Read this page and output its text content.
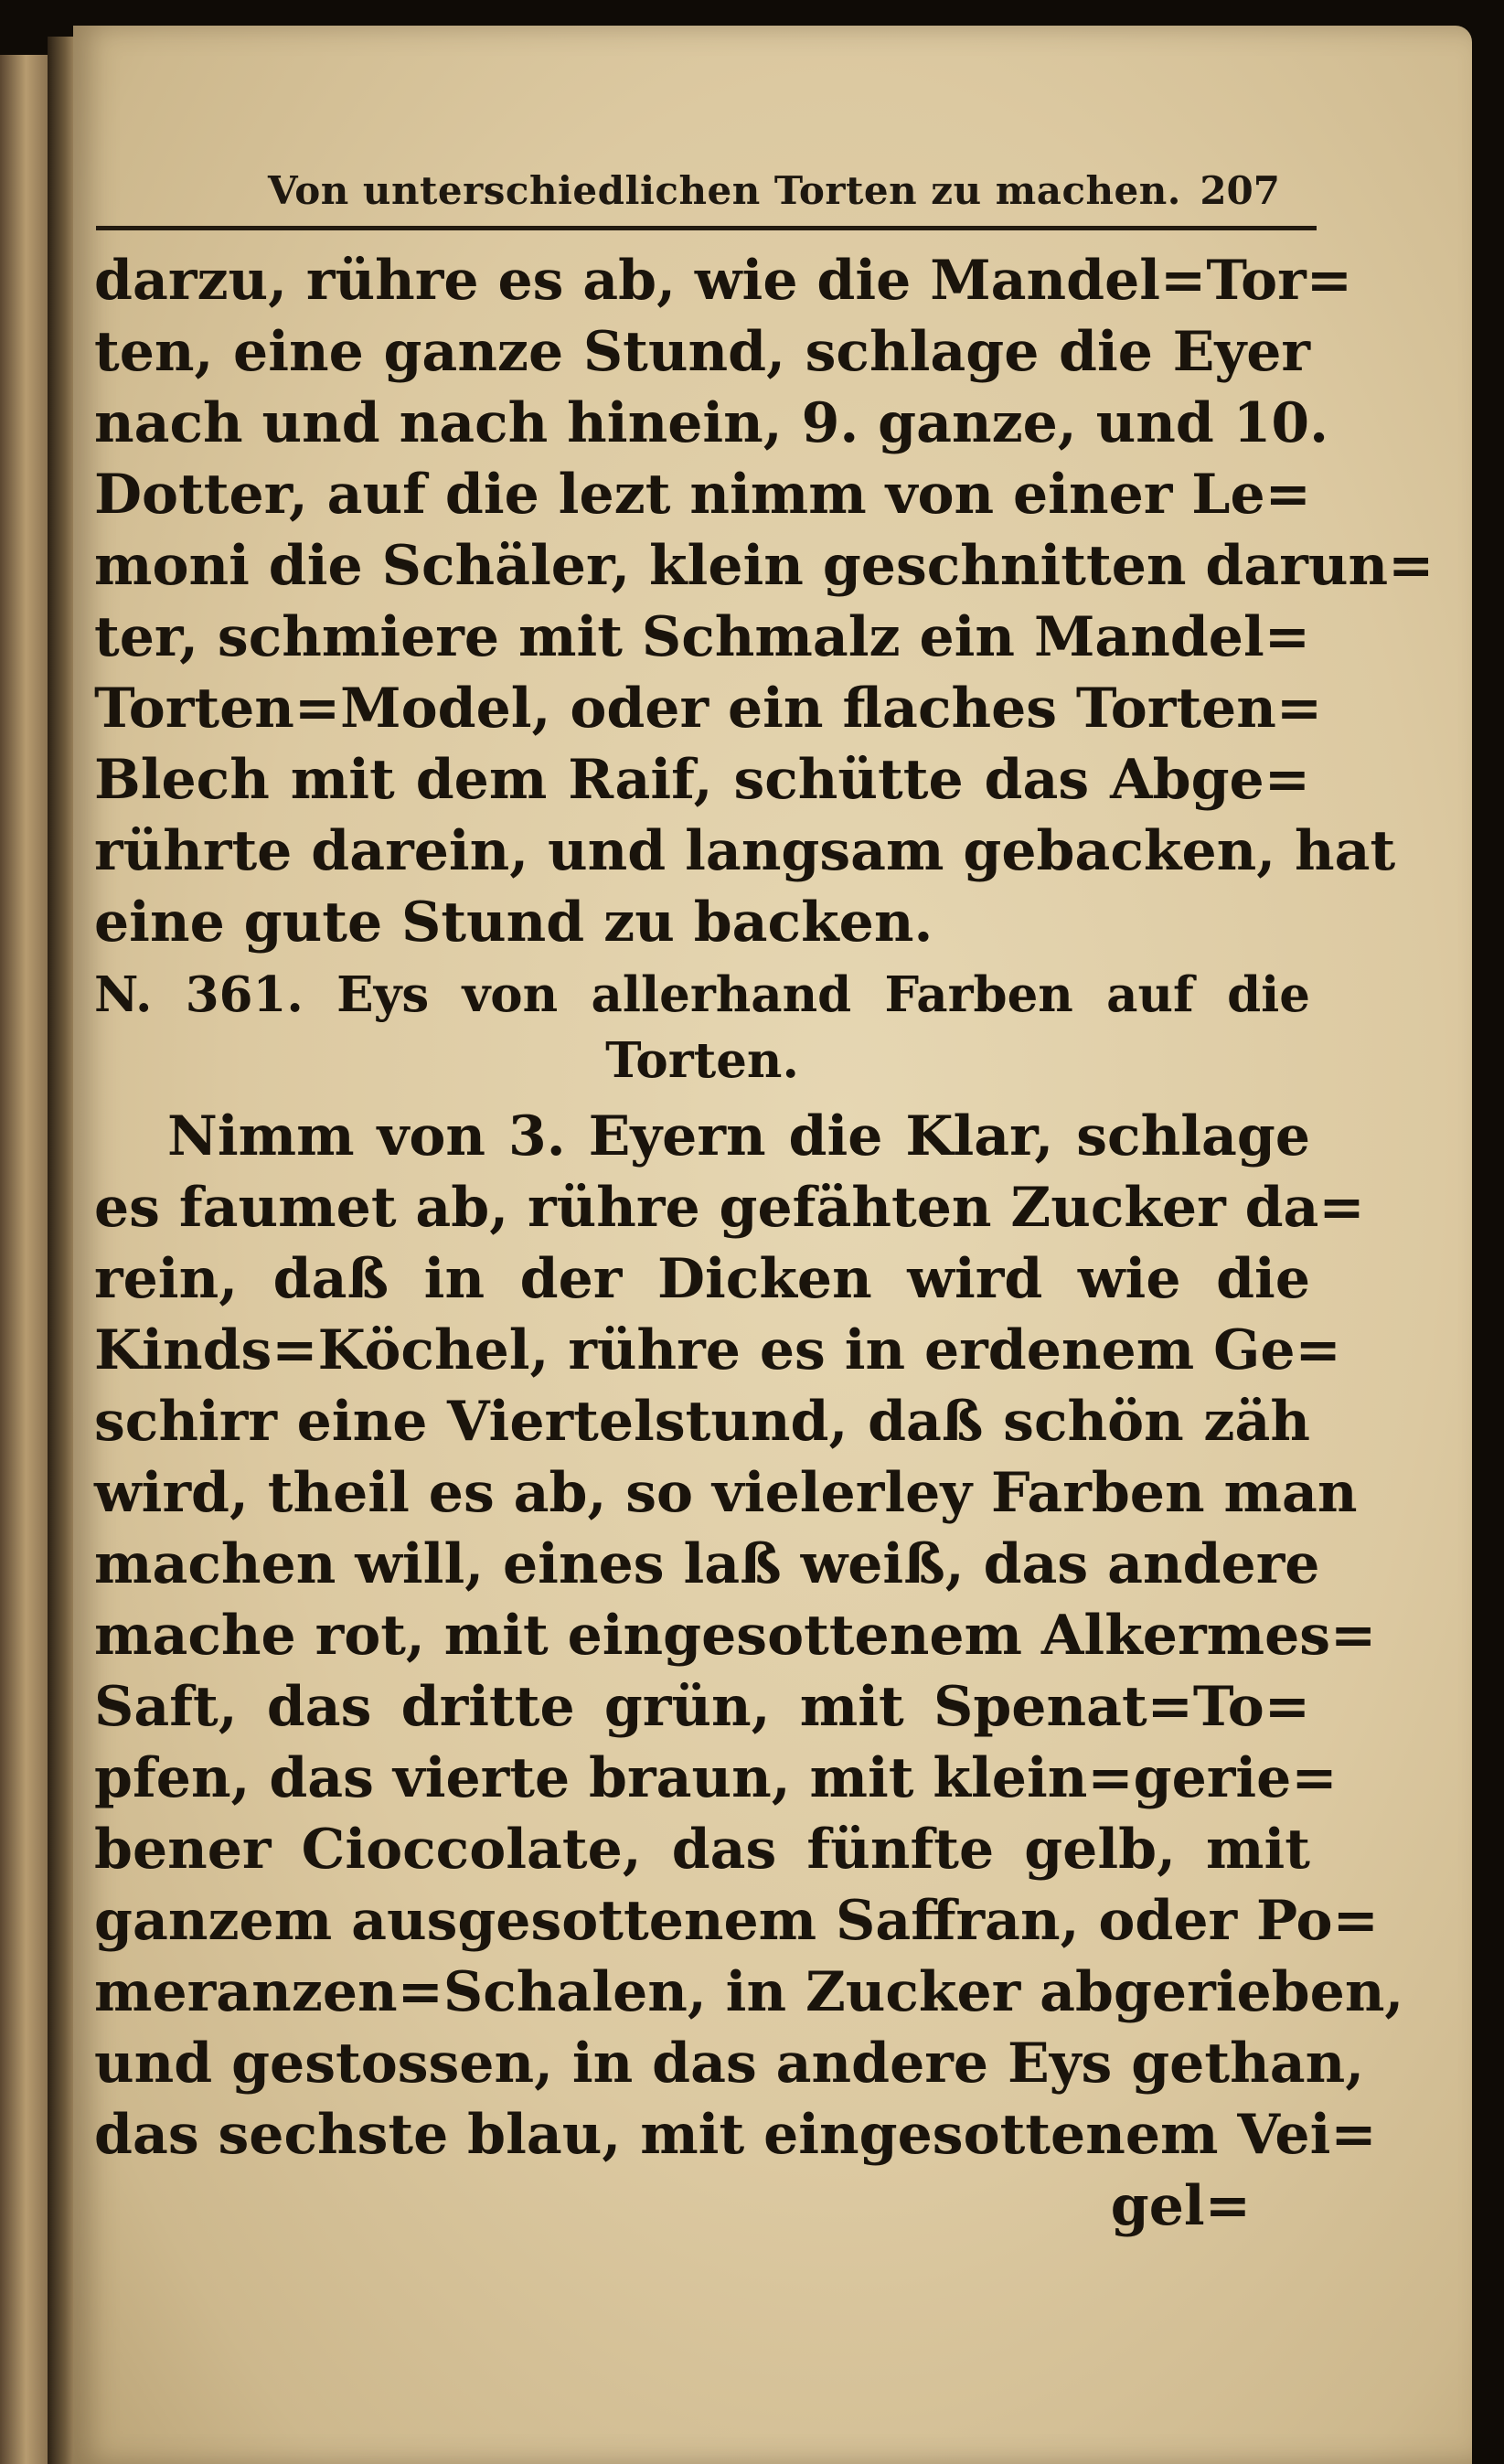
Von unterschiedlichen Torten zu machen. 207
darzu, rühre es ab, wie die Mandel=Tor=
ten, eine ganze Stund, schlage die Eyer
nach und nach hinein, 9. ganze, und 10.
Dotter, auf die lezt nimm von einer Le=
moni die Schäler, klein geschnitten darun=
ter, schmiere mit Schmalz ein Mandel=
Torten=Model, oder ein flaches Torten=
Blech mit dem Raif, schütte das Abge=
rührte darein, und langsam gebacken, hat
eine gute Stund zu backen.
N. 361. Eys von allerhand Farben auf die
Torten.
Nimm von 3. Eyern die Klar, schlage
es faumet ab, rühre gefähten Zucker da=
rein, daß in der Dicken wird wie die
Kinds=Köchel, rühre es in erdenem Ge=
schirr eine Viertelstund, daß schön zäh
wird, theil es ab, so vielerley Farben man
machen will, eines laß weiß, das andere
mache rot, mit eingesottenem Alkermes=
Saft, das dritte grün, mit Spenat=To=
pfen, das vierte braun, mit klein=gerie=
bener Cioccolate, das fünfte gelb, mit
ganzem ausgesottenem Saffran, oder Po=
meranzen=Schalen, in Zucker abgerieben,
und gestossen, in das andere Eys gethan,
das sechste blau, mit eingesottenem Vei=
gel=
